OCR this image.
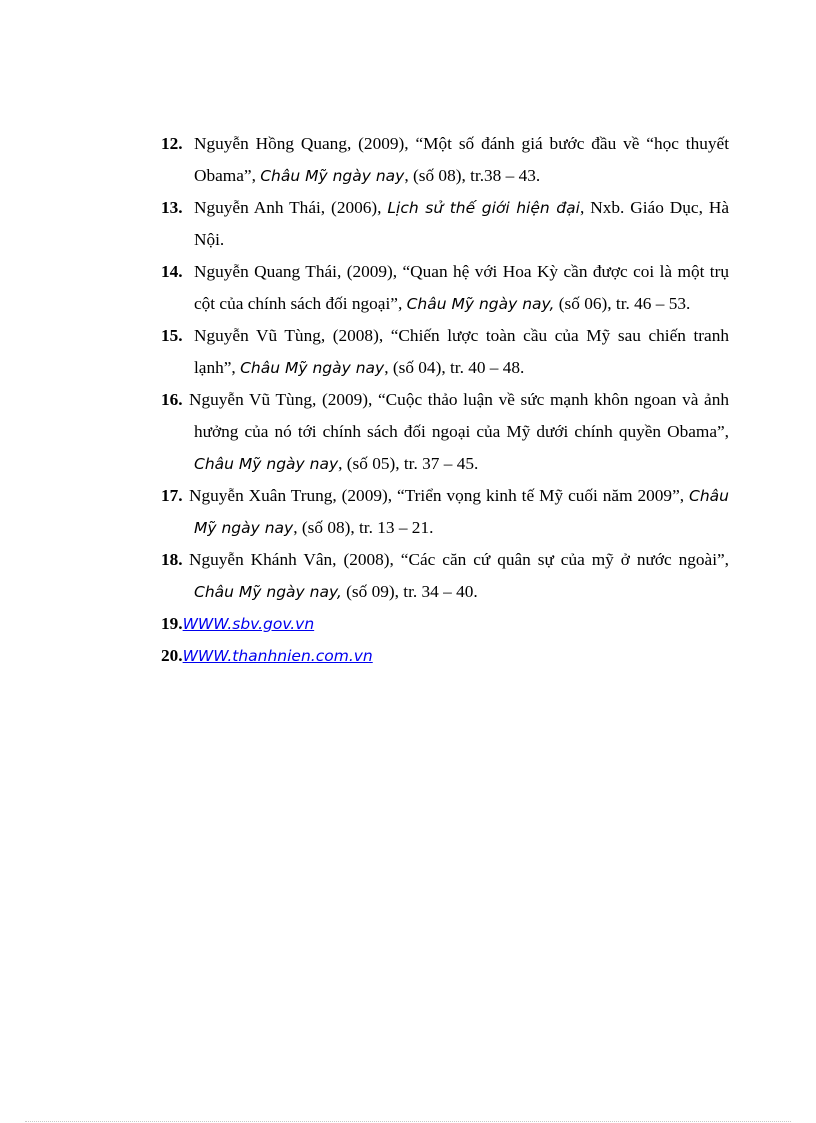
12. Nguyễn Hồng Quang, (2009), “Một số đánh giá bước đầu về “học thuyết Obama”, Châu Mỹ ngày nay, (số 08), tr.38 – 43.
13. Nguyễn Anh Thái, (2006), Lịch sử thế giới hiện đại, Nxb. Giáo Dục, Hà Nội.
14. Nguyễn Quang Thái, (2009), “Quan hệ với Hoa Kỳ cần được coi là một trụ cột của chính sách đối ngoại”, Châu Mỹ ngày nay, (số 06), tr. 46 – 53.
15. Nguyễn Vũ Tùng, (2008), “Chiến lược toàn cầu của Mỹ sau chiến tranh lạnh”, Châu Mỹ ngày nay, (số 04), tr. 40 – 48.
16. Nguyễn Vũ Tùng, (2009), “Cuộc thảo luận về sức mạnh khôn ngoan và ảnh hưởng của nó tới chính sách đối ngoại của Mỹ dưới chính quyền Obama”, Châu Mỹ ngày nay, (số 05), tr. 37 – 45.
17. Nguyễn Xuân Trung, (2009), “Triển vọng kinh tế Mỹ cuối năm 2009”, Châu Mỹ ngày nay, (số 08), tr. 13 – 21.
18. Nguyễn Khánh Vân, (2008), “Các căn cứ quân sự của mỹ ở nước ngoài”, Châu Mỹ ngày nay, (số 09), tr. 34 – 40.
19.WWW.sbv.gov.vn
20.WWW.thanhnien.com.vn
